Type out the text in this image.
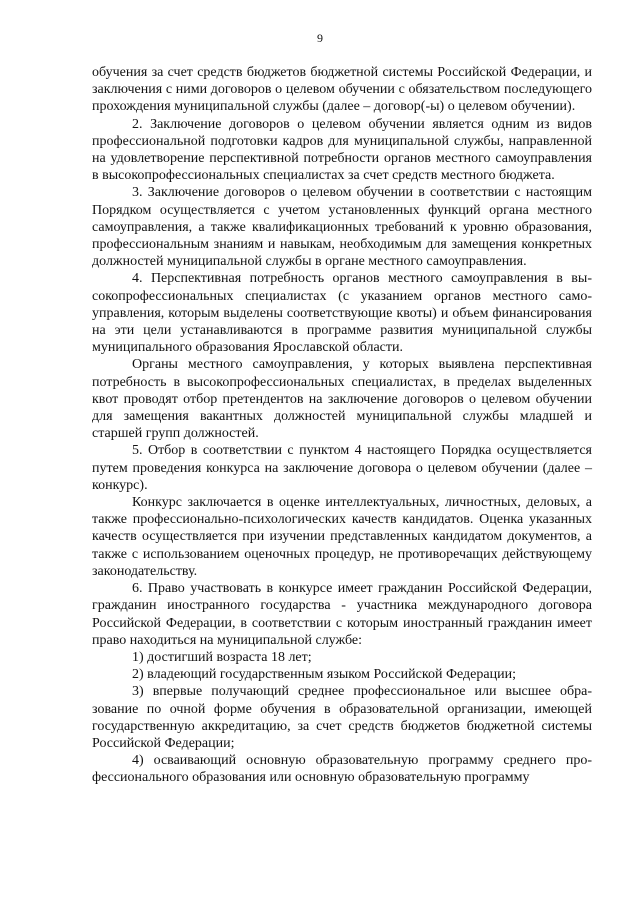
9

обучения за счет средств бюджетов бюджетной системы Российской Федерации, и заключения с ними договоров о целевом обучении с обязательством последующего прохождения муниципальной службы (далее – договор(-ы) о целевом обучении).

2. Заключение договоров о целевом обучении является одним из видов профессиональной подготовки кадров для муниципальной службы, направленной на удовлетворение перспективной потребности органов местного самоуправления в высокопрофессиональных специалистах за счет средств местного бюджета.

3. Заключение договоров о целевом обучении в соответствии с настоящим Порядком осуществляется с учетом установленных функций органа местного самоуправления, а также квалификационных требований к уровню образования, профессиональным знаниям и навыкам, необходимым для замещения конкретных должностей муниципальной службы в органе местного самоуправления.

4. Перспективная потребность органов местного самоуправления в высокопрофессиональных специалистах (с указанием органов местного самоуправления, которым выделены соответствующие квоты) и объем финансирования на эти цели устанавливаются в программе развития муниципальной службы муниципального образования Ярославской области.

Органы местного самоуправления, у которых выявлена перспективная потребность в высокопрофессиональных специалистах, в пределах выделенных квот проводят отбор претендентов на заключение договоров о целевом обучении для замещения вакантных должностей муниципальной службы младшей и старшей групп должностей.

5. Отбор в соответствии с пунктом 4 настоящего Порядка осуществляется путем проведения конкурса на заключение договора о целевом обучении (далее – конкурс).

Конкурс заключается в оценке интеллектуальных, личностных, деловых, а также профессионально-психологических качеств кандидатов. Оценка указанных качеств осуществляется при изучении представленных кандидатом документов, а также с использованием оценочных процедур, не противоречащих действующему законодательству.

6. Право участвовать в конкурсе имеет гражданин Российской Федерации, гражданин иностранного государства - участника международного договора Российской Федерации, в соответствии с которым иностранный гражданин имеет право находиться на муниципальной службе:

1) достигший возраста 18 лет;

2) владеющий государственным языком Российской Федерации;

3) впервые получающий среднее профессиональное или высшее образование по очной форме обучения в образовательной организации, имеющей государственную аккредитацию, за счет средств бюджетов бюджетной системы Российской Федерации;

4) осваивающий основную образовательную программу среднего профессионального образования или основную образовательную программу
